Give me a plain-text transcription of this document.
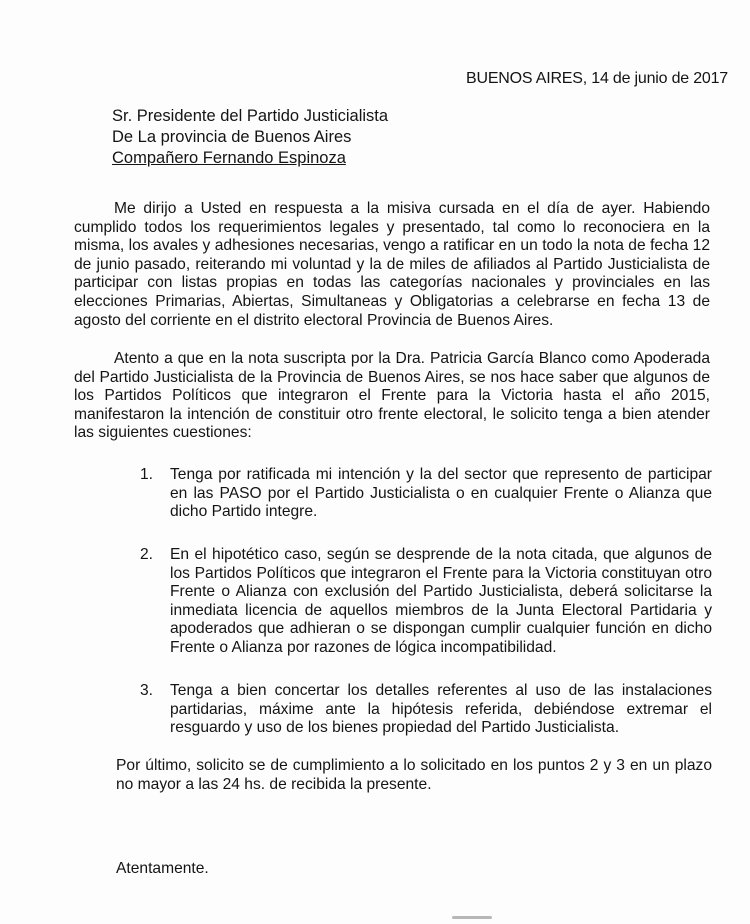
BUENOS AIRES, 14 de junio de 2017
Sr. Presidente del Partido Justicialista
De La provincia de Buenos Aires
Compañero Fernando Espinoza
Me dirijo a Usted en respuesta a la misiva cursada en el día de ayer. Habiendo cumplido todos los requerimientos legales y presentado, tal como lo reconociera en la misma, los avales y adhesiones necesarias, vengo a ratificar en un todo la nota de fecha 12 de junio pasado, reiterando mi voluntad y la de miles de afiliados al Partido Justicialista de participar con listas propias en todas las categorías nacionales y provinciales en las elecciones Primarias, Abiertas, Simultaneas y Obligatorias a celebrarse en fecha 13 de agosto del corriente en el distrito electoral Provincia de Buenos Aires.
Atento a que en la nota suscripta por la Dra. Patricia García Blanco como Apoderada del Partido Justicialista de la Provincia de Buenos Aires, se nos hace saber que algunos de los Partidos Políticos que integraron el Frente para la Victoria hasta el año 2015, manifestaron la intención de constituir otro frente electoral, le solicito tenga a bien atender las siguientes cuestiones:
1.	Tenga por ratificada mi intención y la del sector que represento de participar en las PASO por el Partido Justicialista o en cualquier Frente o Alianza que dicho Partido integre.
2.	En el hipotético caso, según se desprende de la nota citada, que algunos de los Partidos Políticos que integraron el Frente para la Victoria constituyan otro Frente o Alianza con exclusión del Partido Justicialista, deberá solicitarse la inmediata licencia de aquellos miembros de la Junta Electoral Partidaria y apoderados que adhieran o se dispongan cumplir cualquier función en dicho Frente o Alianza por razones de lógica incompatibilidad.
3.	Tenga a bien concertar los detalles referentes al uso de las instalaciones partidarias, máxime ante la hipótesis referida, debiéndose extremar el resguardo y uso de los bienes propiedad del Partido Justicialista.
Por último, solicito se de cumplimiento a lo solicitado en los puntos 2 y 3 en un plazo no mayor a las 24 hs. de recibida la presente.
Atentamente.
